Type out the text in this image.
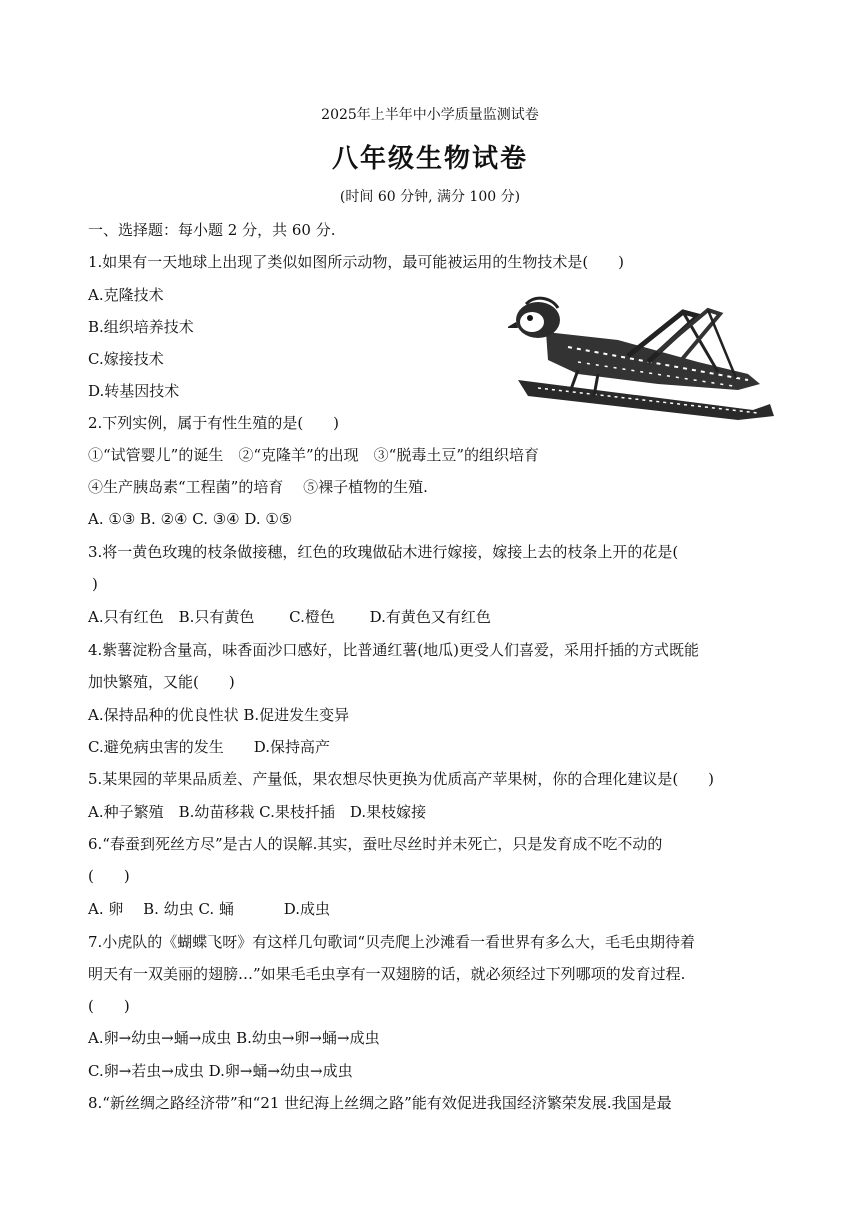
2025年上半年中小学质量监测试卷
八年级生物试卷
(时间 60 分钟, 满分 100 分)
一、选择题：每小题 2 分，共 60 分.
1.如果有一天地球上出现了类似如图所示动物，最可能被运用的生物技术是(　　)
A.克隆技术
B.组织培养技术
C.嫁接技术
D.转基因技术
2.下列实例，属于有性生殖的是(　　)
①“试管婴儿”的诞生　②“克隆羊”的出现　③“脱毒土豆”的组织培育
④生产胰岛素“工程菌”的培育　 ⑤裸子植物的生殖.
A. ①③ B. ②④ C. ③④ D. ①⑤
3.将一黄色玫瑰的枝条做接穗，红色的玫瑰做砧木进行嫁接，嫁接上去的枝条上开的花是(
)
A.只有红色　B.只有黄色　　 C.橙色　　 D.有黄色又有红色
4.紫薯淀粉含量高，味香面沙口感好，比普通红薯(地瓜)更受人们喜爱，采用扦插的方式既能
加快繁殖，又能(　　)
A.保持品种的优良性状 B.促进发生变异
C.避免病虫害的发生　　D.保持高产
5.某果园的苹果品质差、产量低，果农想尽快更换为优质高产苹果树，你的合理化建议是(　　)
A.种子繁殖　B.幼苗移栽 C.果枝扦插　D.果枝嫁接
6.“春蚕到死丝方尽”是古人的误解.其实，蚕吐尽丝时并未死亡，只是发育成不吃不动的
(　　)
A. 卵　 B. 幼虫 C. 蛹　　　 D.成虫
7.小虎队的《蝴蝶飞呀》有这样几句歌词“贝壳爬上沙滩看一看世界有多么大，毛毛虫期待着
明天有一双美丽的翅膀…”如果毛毛虫享有一双翅膀的话，就必须经过下列哪项的发育过程.
(　　)
A.卵→幼虫→蛹→成虫 B.幼虫→卵→蛹→成虫
C.卵→若虫→成虫 D.卵→蛹→幼虫→成虫
8.“新丝绸之路经济带”和“21 世纪海上丝绸之路”能有效促进我国经济繁荣发展.我国是最
